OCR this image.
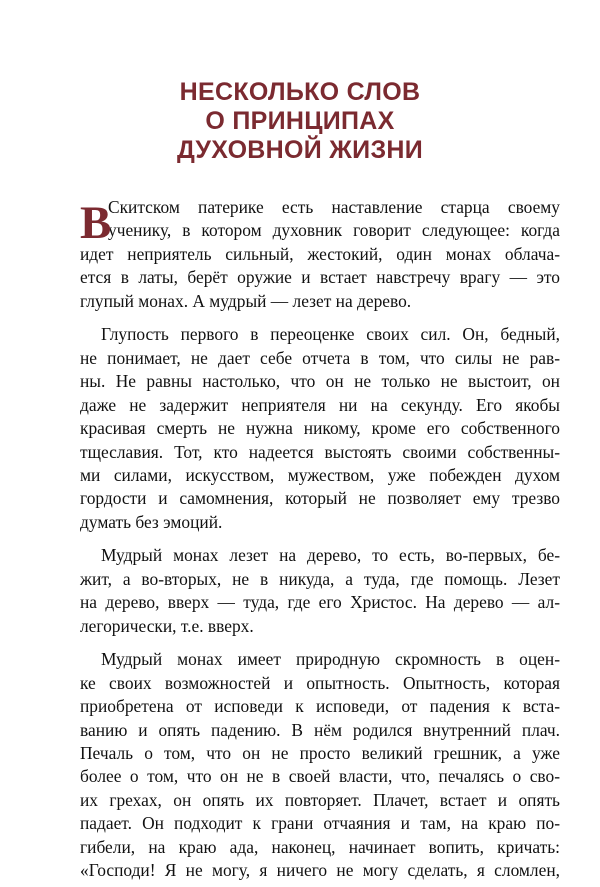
НЕСКОЛЬКО СЛОВ
О ПРИНЦИПАХ
ДУХОВНОЙ ЖИЗНИ
В
Скитском патерике есть наставление старца своему
ученику, в котором духовник говорит следующее: когда
идет неприятель сильный, жестокий, один монах облача-
ется в латы, берёт оружие и встает навстречу врагу — это
глупый монах. А мудрый — лезет на дерево.
Глупость первого в переоценке своих сил. Он, бедный,
не понимает, не дает себе отчета в том, что силы не рав-
ны. Не равны настолько, что он не только не выстоит, он
даже не задержит неприятеля ни на секунду. Его якобы
красивая смерть не нужна никому, кроме его собственного
тщеславия. Тот, кто надеется выстоять своими собственны-
ми силами, искусством, мужеством, уже побежден духом
гордости и самомнения, который не позволяет ему трезво
думать без эмоций.
Мудрый монах лезет на дерево, то есть, во-первых, бе-
жит, а во-вторых, не в никуда, а туда, где помощь. Лезет
на дерево, вверх — туда, где его Христос. На дерево — ал-
легорически, т.е. вверх.
Мудрый монах имеет природную скромность в оцен-
ке своих возможностей и опытность. Опытность, которая
приобретена от исповеди к исповеди, от падения к вста-
ванию и опять падению. В нём родился внутренний плач.
Печаль о том, что он не просто великий грешник, а уже
более о том, что он не в своей власти, что, печалясь о сво-
их грехах, он опять их повторяет. Плачет, встает и опять
падает. Он подходит к грани отчаяния и там, на краю по-
гибели, на краю ада, наконец, начинает вопить, кричать:
«Господи! Я не могу, я ничего не могу сделать, я сломлен,
